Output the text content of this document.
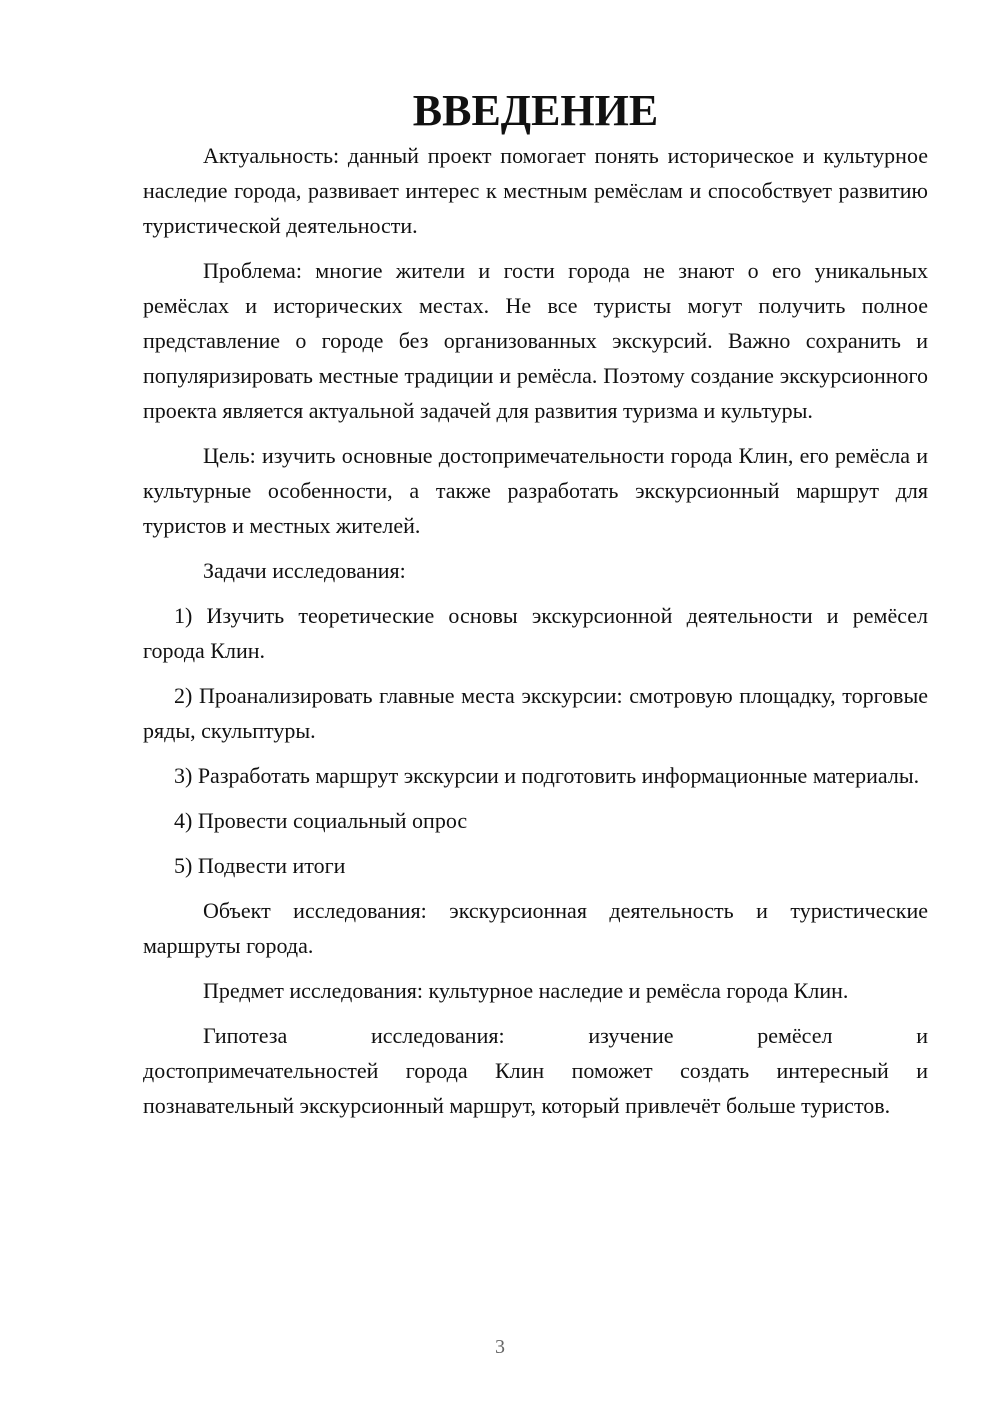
ВВЕДЕНИЕ

Актуальность: данный проект помогает понять историческое и культурное наследие города, развивает интерес к местным ремёслам и способствует развитию туристической деятельности.

Проблема: многие жители и гости города не знают о его уникальных ремёслах и исторических местах. Не все туристы могут получить полное представление о городе без организованных экскурсий. Важно сохранить и популяризировать местные традиции и ремёсла. Поэтому создание экскурсионного проекта является актуальной задачей для развития туризма и культуры.

Цель: изучить основные достопримечательности города Клин, его ремёсла и культурные особенности, а также разработать экскурсионный маршрут для туристов и местных жителей.

Задачи исследования:

1) Изучить теоретические основы экскурсионной деятельности и ремёсел города Клин.

2) Проанализировать главные места экскурсии: смотровую площадку, торговые ряды, скульптуры.

3) Разработать маршрут экскурсии и подготовить информационные материалы.

4) Провести социальный опрос

5) Подвести итоги

Объект исследования: экскурсионная деятельность и туристические маршруты города.

Предмет исследования: культурное наследие и ремёсла города Клин.

Гипотеза исследования: изучение ремёсел и

достопримечательностей города Клин поможет создать интересный и познавательный экскурсионный маршрут, который привлечёт больше туристов.

3
